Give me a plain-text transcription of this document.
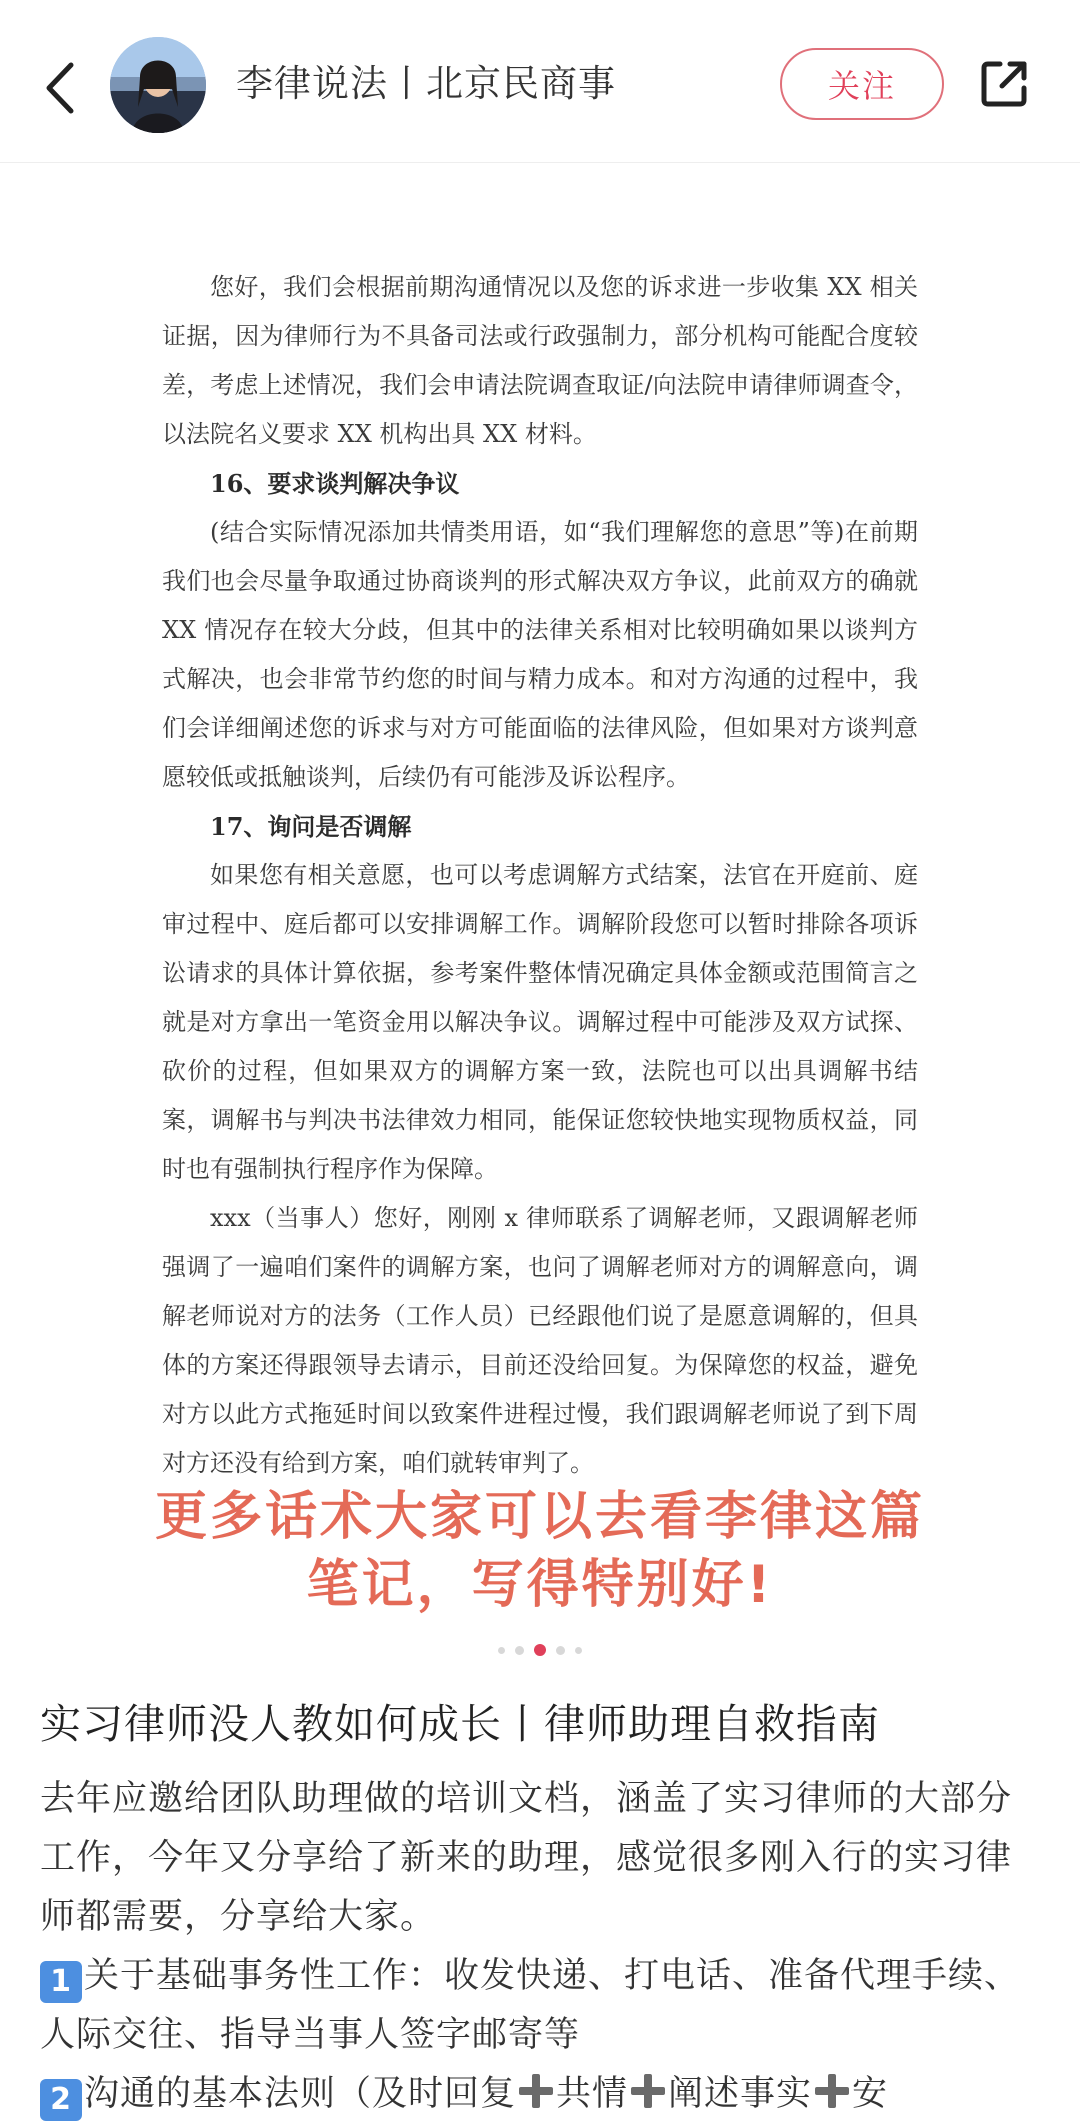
李律说法丨北京民商事	关注

您好，我们会根据前期沟通情况以及您的诉求进一步收集 XX 相关证据，因为律师行为不具备司法或行政强制力，部分机构可能配合度较差，考虑上述情况，我们会申请法院调查取证/向法院申请律师调查令，以法院名义要求 XX 机构出具 XX 材料。

16、要求谈判解决争议

(结合实际情况添加共情类用语，如“我们理解您的意思”等)在前期我们也会尽量争取通过协商谈判的形式解决双方争议，此前双方的确就 XX 情况存在较大分歧，但其中的法律关系相对比较明确如果以谈判方式解决，也会非常节约您的时间与精力成本。和对方沟通的过程中，我们会详细阐述您的诉求与对方可能面临的法律风险，但如果对方谈判意愿较低或抵触谈判，后续仍有可能涉及诉讼程序。

17、询问是否调解

如果您有相关意愿，也可以考虑调解方式结案，法官在开庭前、庭审过程中、庭后都可以安排调解工作。调解阶段您可以暂时排除各项诉讼请求的具体计算依据，参考案件整体情况确定具体金额或范围简言之就是对方拿出一笔资金用以解决争议。调解过程中可能涉及双方试探、砍价的过程，但如果双方的调解方案一致，法院也可以出具调解书结案，调解书与判决书法律效力相同，能保证您较快地实现物质权益，同时也有强制执行程序作为保障。

xxx（当事人）您好，刚刚 x 律师联系了调解老师，又跟调解老师强调了一遍咱们案件的调解方案，也问了调解老师对方的调解意向，调解老师说对方的法务（工作人员）已经跟他们说了是愿意调解的，但具体的方案还得跟领导去请示，目前还没给回复。为保障您的权益，避免对方以此方式拖延时间以致案件进程过慢，我们跟调解老师说了到下周对方还没有给到方案，咱们就转审判了。

更多话术大家可以去看李律这篇
笔记，写得特别好!
实习律师没人教如何成长丨律师助理自救指南

去年应邀给团队助理做的培训文档，涵盖了实习律师的大部分工作，今年又分享给了新来的助理，感觉很多刚入行的实习律师都需要，分享给大家。

1 关于基础事务性工作：收发快递、打电话、准备代理手续、人际交往、指导当事人签字邮寄等

2 沟通的基本法则（及时回复 共情 阐述事实 安
